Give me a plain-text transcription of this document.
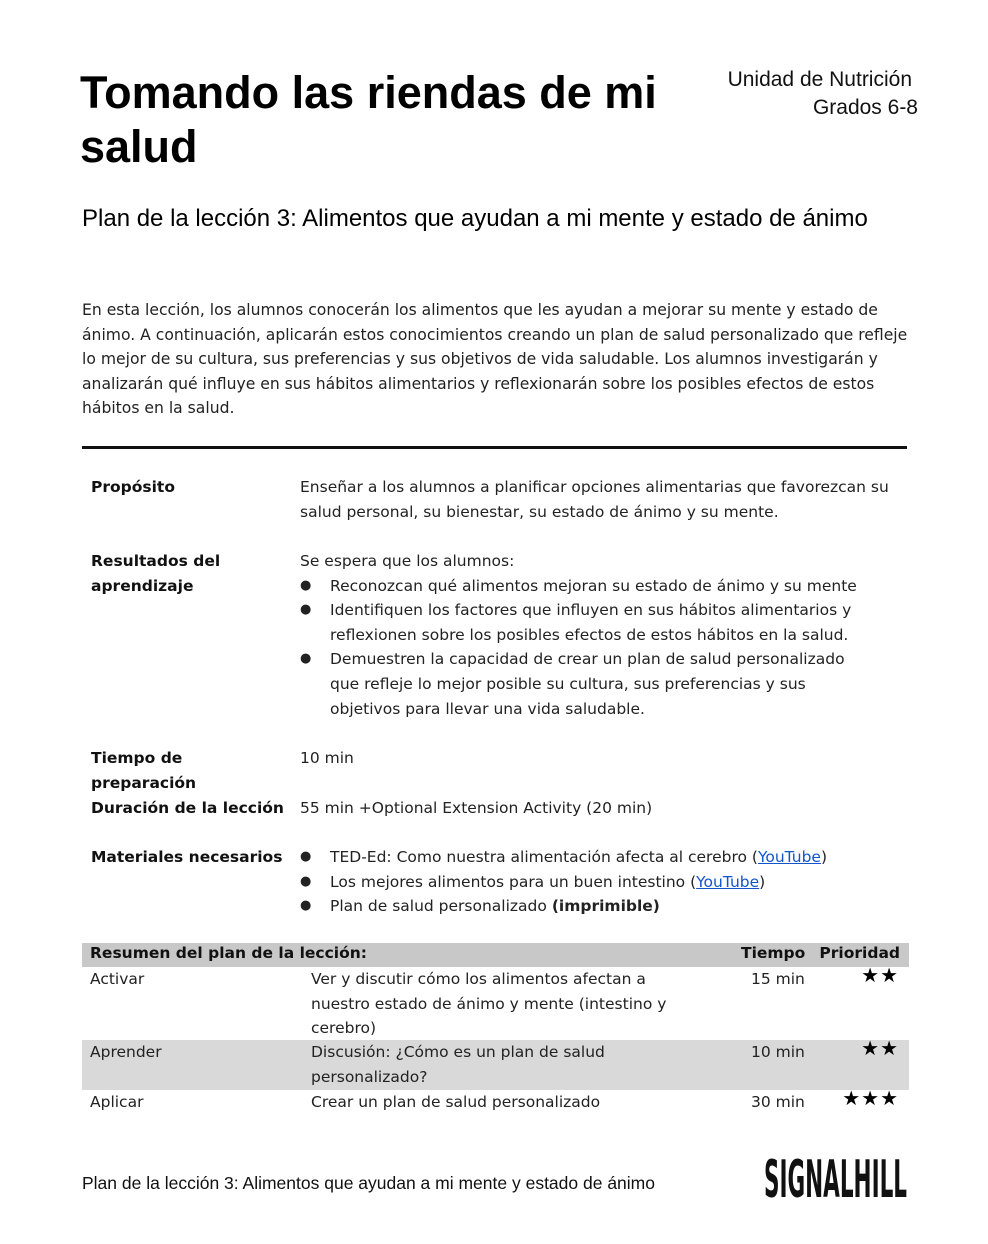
Tomando las riendas de mi salud
Unidad de Nutrición
Grados 6-8
Plan de la lección 3: Alimentos que ayudan a mi mente y estado de ánimo
En esta lección, los alumnos conocerán los alimentos que les ayudan a mejorar su mente y estado de ánimo. A continuación, aplicarán estos conocimientos creando un plan de salud personalizado que refleje lo mejor de su cultura, sus preferencias y sus objetivos de vida saludable. Los alumnos investigarán y analizarán qué influye en sus hábitos alimentarios y reflexionarán sobre los posibles efectos de estos hábitos en la salud.
Propósito	Enseñar a los alumnos a planificar opciones alimentarias que favorezcan su salud personal, su bienestar, su estado de ánimo y su mente.
Resultados del aprendizaje
Se espera que los alumnos:
● Reconozcan qué alimentos mejoran su estado de ánimo y su mente
● Identifiquen los factores que influyen en sus hábitos alimentarios y reflexionen sobre los posibles efectos de estos hábitos en la salud.
● Demuestren la capacidad de crear un plan de salud personalizado que refleje lo mejor posible su cultura, sus preferencias y sus objetivos para llevar una vida saludable.
Tiempo de preparación
10 min
Duración de la lección	55 min +Optional Extension Activity (20 min)
Materiales necesarios
●	TED-Ed: Como nuestra alimentación afecta al cerebro (YouTube)
● Los mejores alimentos para un buen intestino (YouTube)
● Plan de salud personalizado (imprimible)
Resumen del plan de la lección:	Tiempo Prioridad
Activar	Ver y discutir cómo los alimentos afectan a nuestro estado de ánimo y mente (intestino y cerebro)
15 min	★★
Aprender	Discusión: ¿Cómo es un plan de salud personalizado?
10 min	★★
Aplicar	Crear un plan de salud personalizado	30 min ★★★
Plan de la lección 3: Alimentos que ayudan a mi mente y estado de ánimo SIGNALHILL
